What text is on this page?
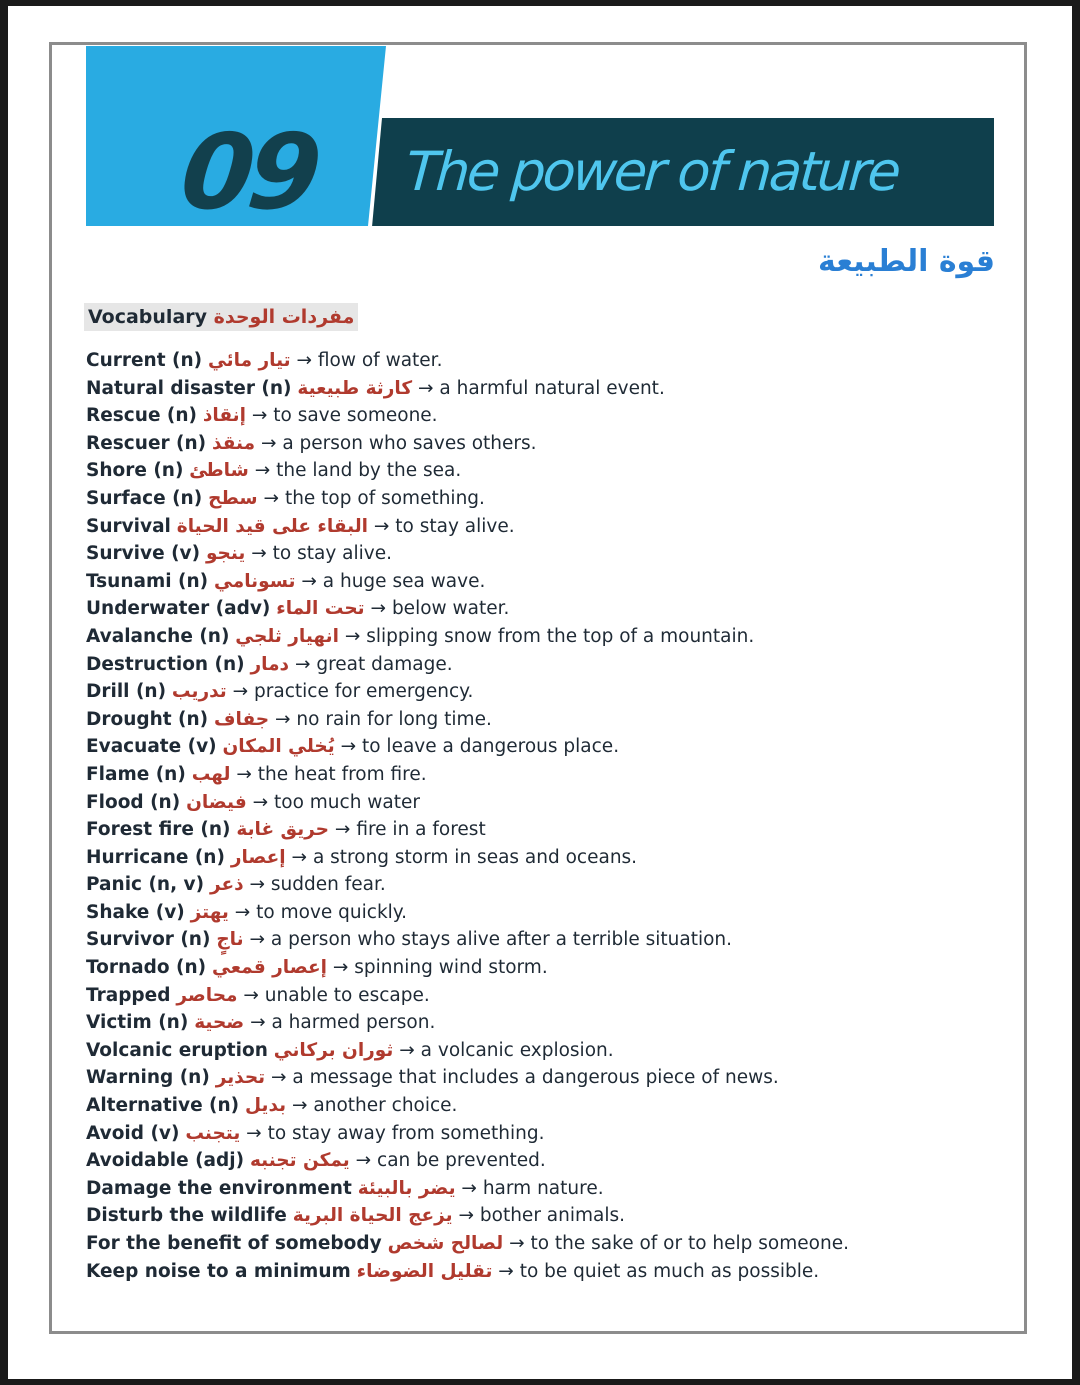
09 The power of nature
قوة الطبيعة
Vocabulary مفردات الوحدة
Current (n) تيار مائي → flow of water.
Natural disaster (n) كارثة طبيعية → a harmful natural event.
Rescue (n) إنقاذ → to save someone.
Rescuer (n) منقذ → a person who saves others.
Shore (n) شاطئ → the land by the sea.
Surface (n) سطح → the top of something.
Survival البقاء على قيد الحياة → to stay alive.
Survive (v) ينجو → to stay alive.
Tsunami (n) تسونامي → a huge sea wave.
Underwater (adv) تحت الماء → below water.
Avalanche (n) انهيار ثلجي → slipping snow from the top of a mountain.
Destruction (n) دمار → great damage.
Drill (n) تدريب → practice for emergency.
Drought (n) جفاف → no rain for long time.
Evacuate (v) يُخلي المكان → to leave a dangerous place.
Flame (n) لهب → the heat from fire.
Flood (n) فيضان → too much water
Forest fire (n) حريق غابة → fire in a forest
Hurricane (n) إعصار → a strong storm in seas and oceans.
Panic (n, v) ذعر → sudden fear.
Shake (v) يهتز → to move quickly.
Survivor (n) ناجٍ → a person who stays alive after a terrible situation.
Tornado (n) إعصار قمعي → spinning wind storm.
Trapped محاصر → unable to escape.
Victim (n) ضحية → a harmed person.
Volcanic eruption ثوران بركاني → a volcanic explosion.
Warning (n) تحذير → a message that includes a dangerous piece of news.
Alternative (n) بديل → another choice.
Avoid (v) يتجنب → to stay away from something.
Avoidable (adj) يمكن تجنبه → can be prevented.
Damage the environment يضر بالبيئة → harm nature.
Disturb the wildlife يزعج الحياة البرية → bother animals.
For the benefit of somebody لصالح شخص → to the sake of or to help someone.
Keep noise to a minimum تقليل الضوضاء → to be quiet as much as possible.
